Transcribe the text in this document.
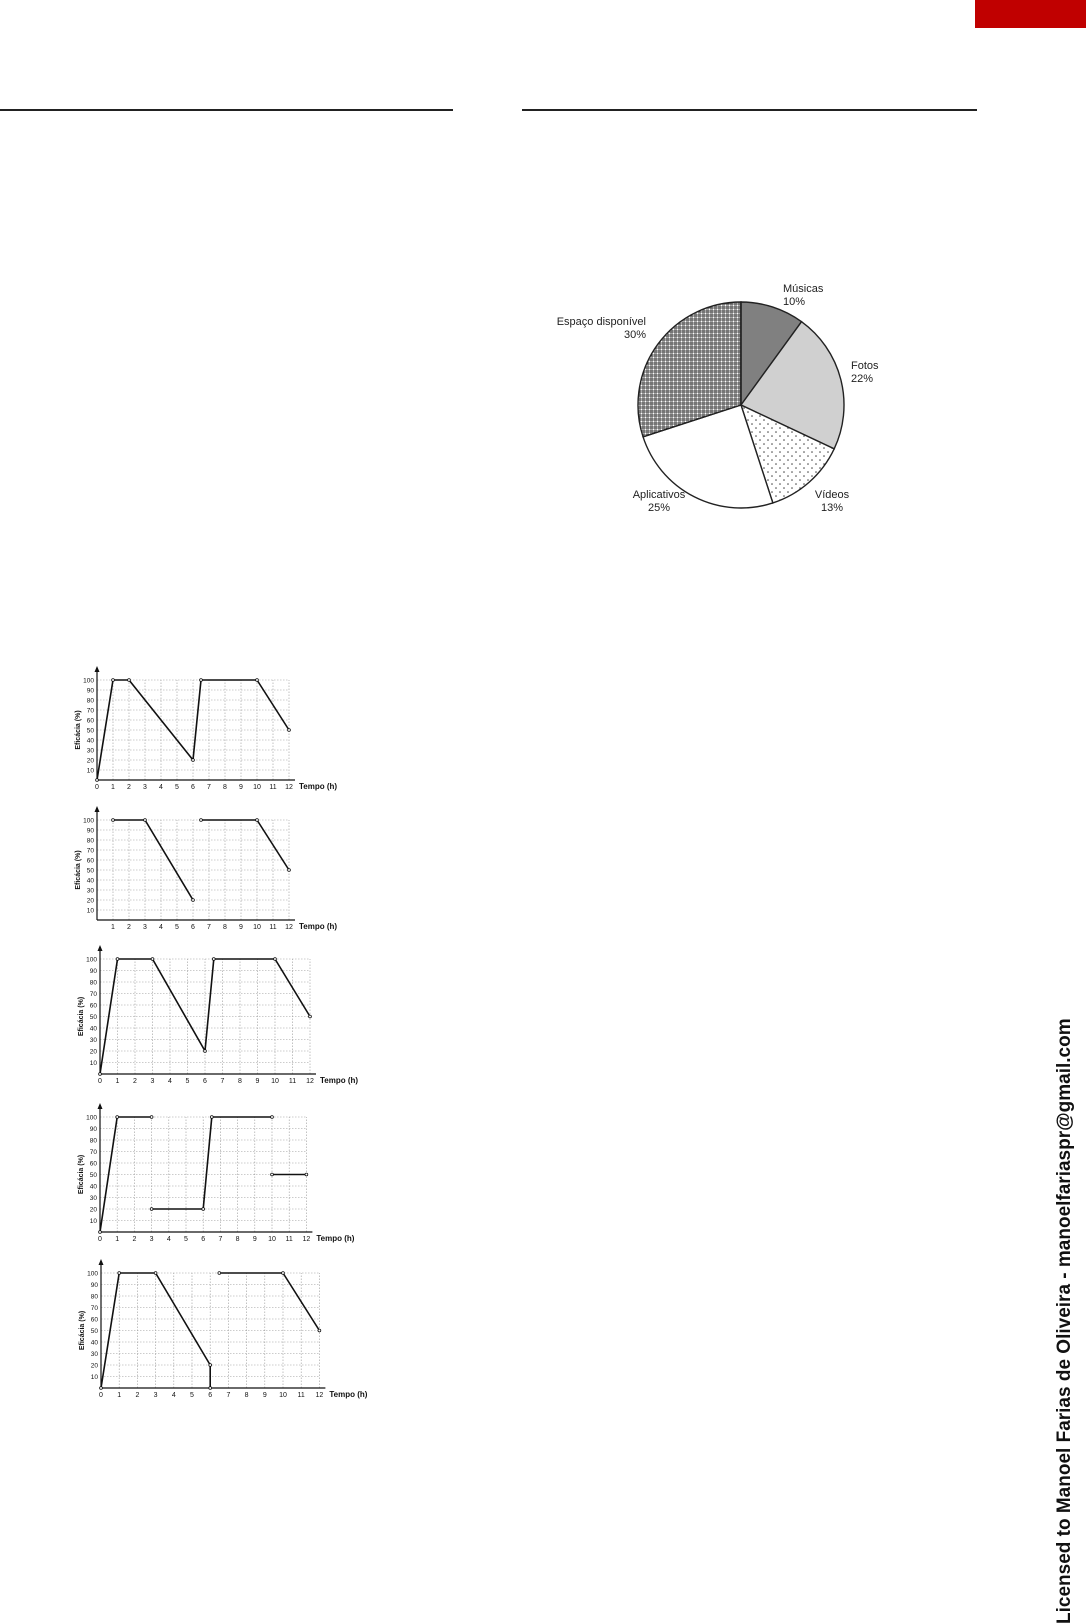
Músicas
10%
Fotos
22%
Vídeos
13%
Aplicativos
25%
Espaço disponível
30%
0 1 2 3 4 5 6 7 8 9 10 11 12
10
20
30
40
50
60
70
80
90
100
Tempo (h)
Eficácia (%)
1 2 3 4 5 6 7 8 9 10 11 12
10
20
30
40
50
60
70
80
90
100
Tempo (h)
Eficácia (%)
0 1 2 3 4 5 6 7 8 9 10 11 12
10
20
30
40
50
60
70
80
90
100
Tempo (h)
Eficácia (%)
0 1 2 3 4 5 6 7 8 9 10 11 12
10
20
30
40
50
60
70
80
90
100
Tempo (h)
Eficácia (%)
0 1 2 3 4 5 6 7 8 9 10 11 12
10
20
30
40
50
60
70
80
90
100
Tempo (h)
Eficácia (%)	Licensed to Manoel Farias de Oliveira - manoelfariaspr@gmail.com
